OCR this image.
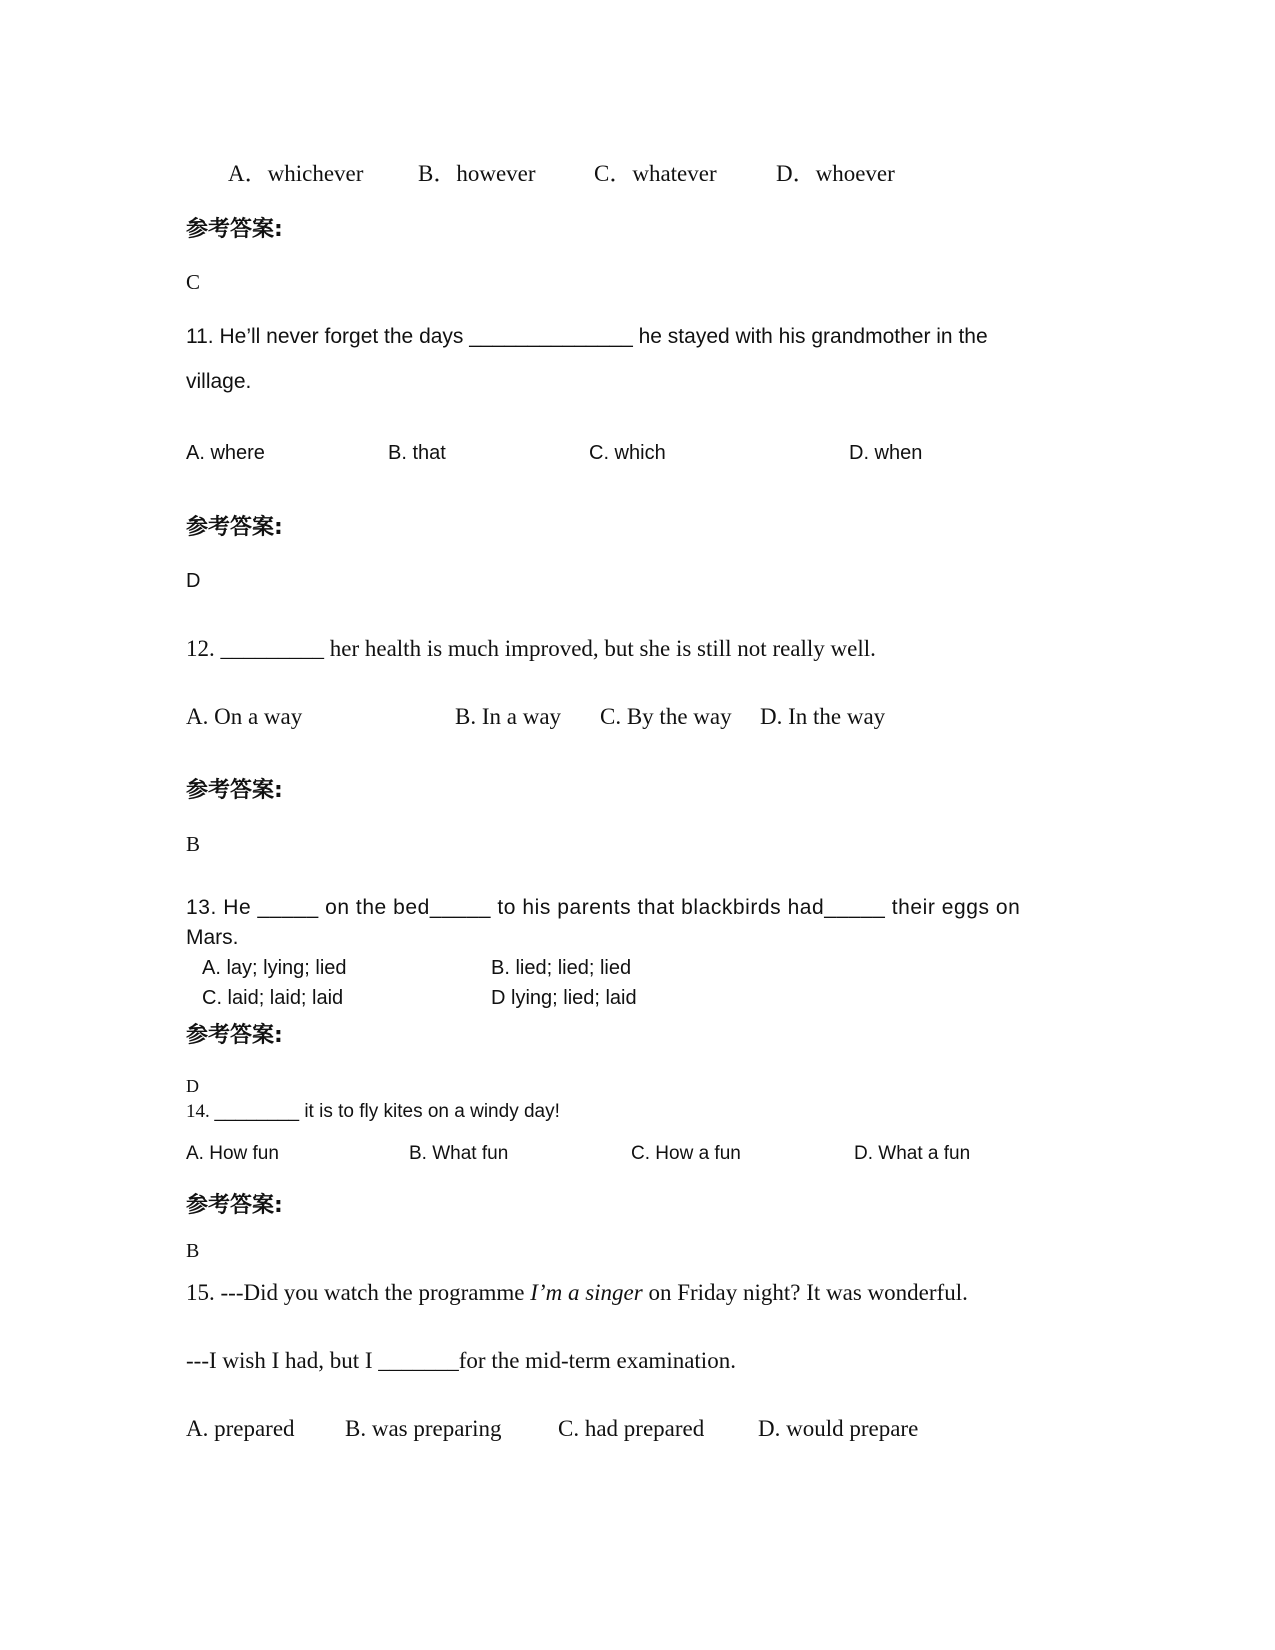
A．whichever B．however	C．whatever	D．whoever
参考答案:
C
11. He’ll never forget the days ______________ he stayed with his grandmother in the
village.
A. where	B. that	C. which	D. when
参考答案:
D
12. _________ her health is much improved, but she is still not really well.
A. On a way	B. In a way C. By the way D. In the way
参考答案:
B
13. He _____ on the bed_____ to his parents that blackbirds had_____ their eggs on
Mars.
A. lay; lying; lied	B. lied; lied; lied
C. laid; laid; laid	D lying; lied; laid
参考答案:
D
14. ________ it is to fly kites on a windy day!
A. How fun	B. What fun	C. How a fun	D. What a fun
参考答案:
B
15. ---Did you watch the programme I’m a singer on Friday night? It was wonderful.
---I wish I had, but I _______for the mid-term examination.
A. prepared B. was preparing C. had prepared D. would prepare
